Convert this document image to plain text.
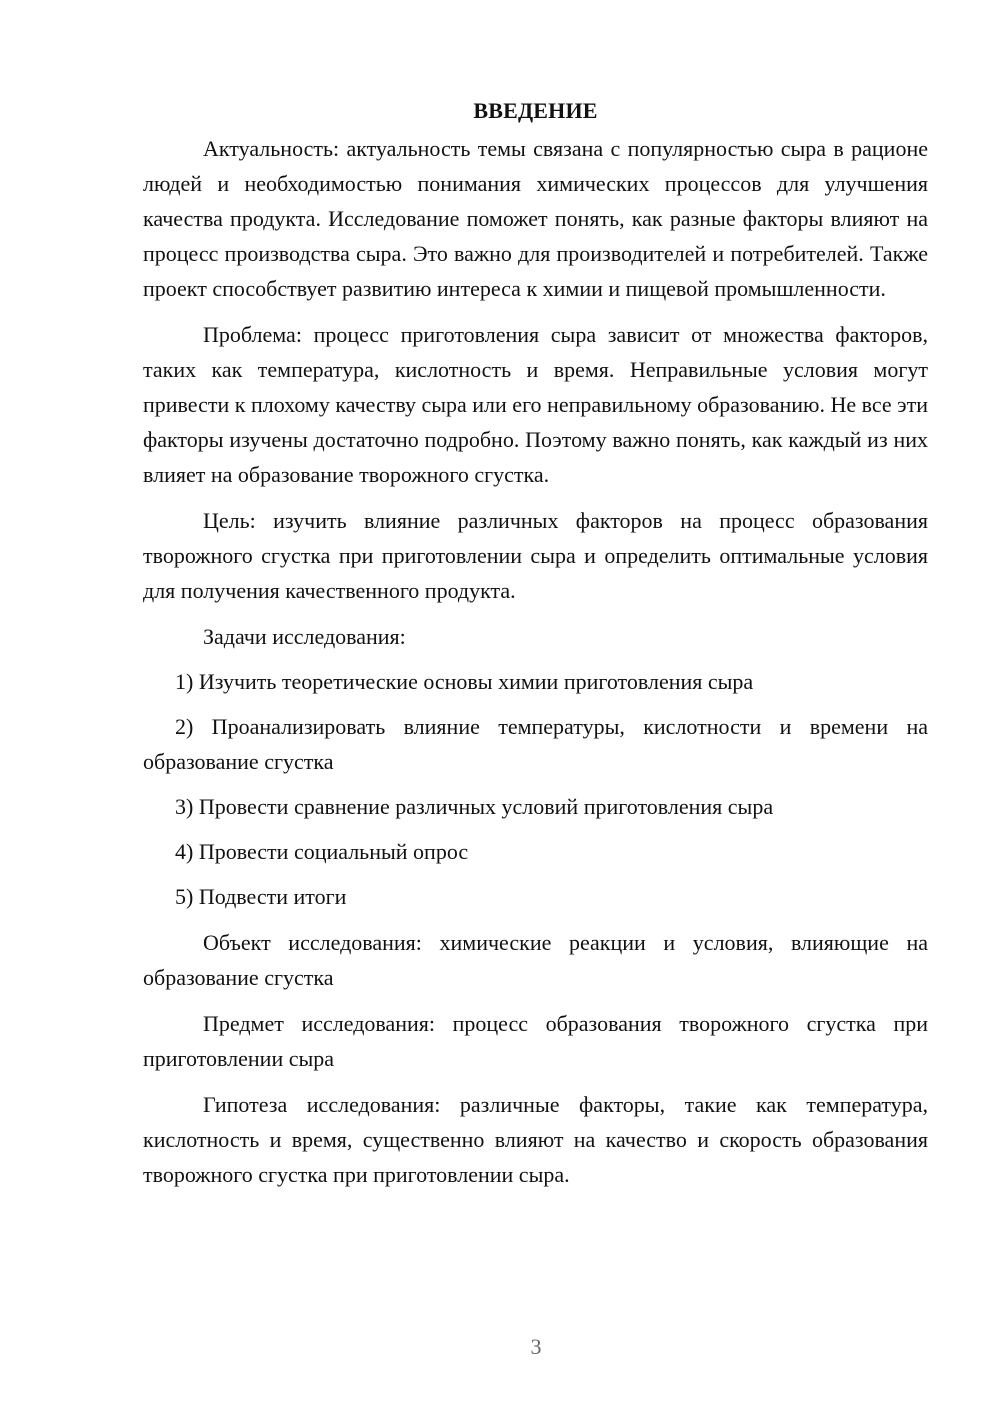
ВВЕДЕНИЕ

Актуальность: актуальность темы связана с популярностью сыра в рационе людей и необходимостью понимания химических процессов для улучшения качества продукта. Исследование поможет понять, как разные факторы влияют на процесс производства сыра. Это важно для производителей и потребителей. Также проект способствует развитию интереса к химии и пищевой промышленности.

Проблема: процесс приготовления сыра зависит от множества факторов, таких как температура, кислотность и время. Неправильные условия могут привести к плохому качеству сыра или его неправильному образованию. Не все эти факторы изучены достаточно подробно. Поэтому важно понять, как каждый из них влияет на образование творожного сгустка.

Цель: изучить влияние различных факторов на процесс образования творожного сгустка при приготовлении сыра и определить оптимальные условия для получения качественного продукта.

Задачи исследования:

1) Изучить теоретические основы химии приготовления сыра

2) Проанализировать влияние температуры, кислотности и времени на образование сгустка

3) Провести сравнение различных условий приготовления сыра

4) Провести социальный опрос

5) Подвести итоги

Объект исследования: химические реакции и условия, влияющие на образование сгустка

Предмет исследования: процесс образования творожного сгустка при приготовлении сыра

Гипотеза исследования: различные факторы, такие как температура, кислотность и время, существенно влияют на качество и скорость образования творожного сгустка при приготовлении сыра.

3
